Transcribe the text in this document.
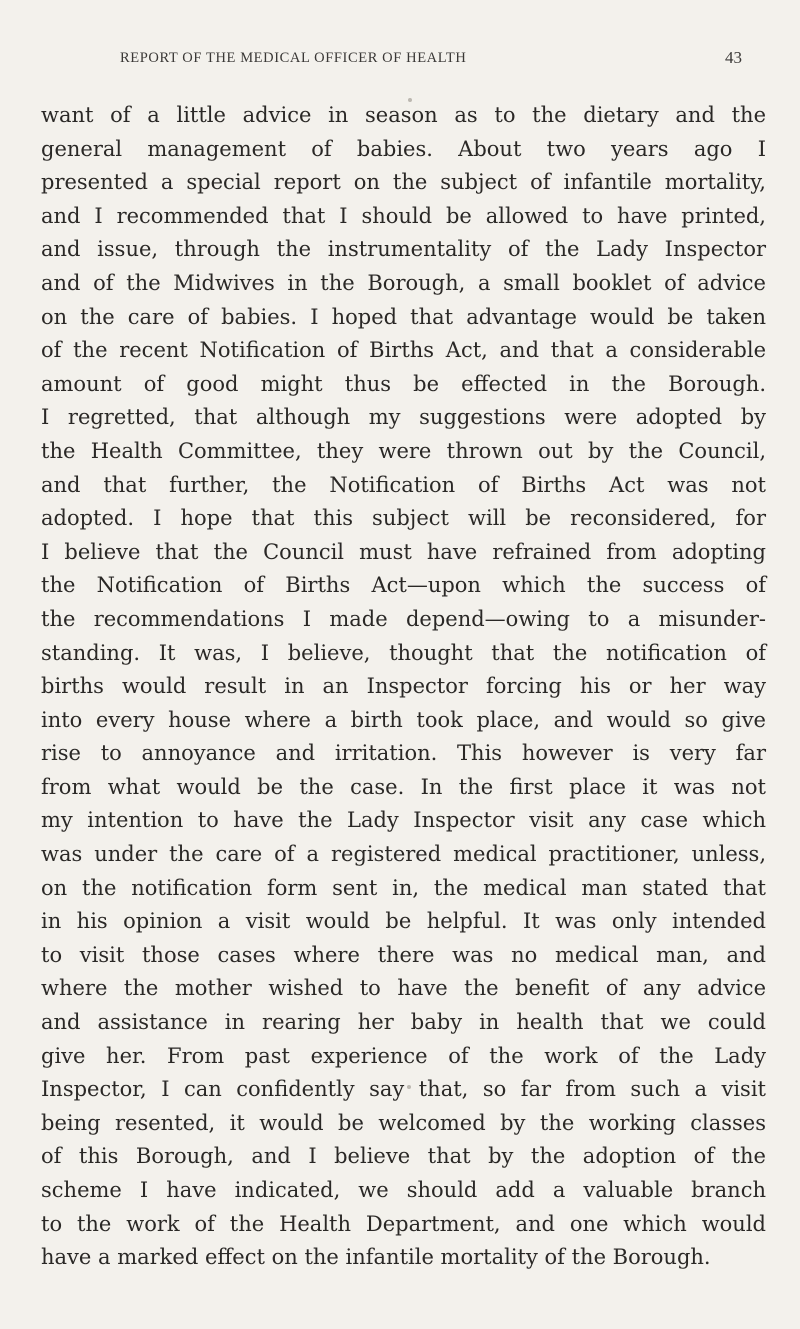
REPORT OF THE MEDICAL OFFICER OF HEALTH	43
want of a little advice in season as to the dietary and the
general management of babies. About two years ago I
presented a special report on the subject of infantile mortality,
and I recommended that I should be allowed to have printed,
and issue, through the instrumentality of the Lady Inspector
and of the Midwives in the Borough, a small booklet of advice
on the care of babies. I hoped that advantage would be taken
of the recent Notification of Births Act, and that a considerable
amount of good might thus be effected in the Borough.
I regretted, that although my suggestions were adopted by
the Health Committee, they were thrown out by the Council,
and that further, the Notification of Births Act was not
adopted. I hope that this subject will be reconsidered, for
I believe that the Council must have refrained from adopting
the Notification of Births Act—upon which the success of
the recommendations I made depend—owing to a misunder-
standing. It was, I believe, thought that the notification of
births would result in an Inspector forcing his or her way
into every house where a birth took place, and would so give
rise to annoyance and irritation. This however is very far
from what would be the case. In the first place it was not
my intention to have the Lady Inspector visit any case which
was under the care of a registered medical practitioner, unless,
on the notification form sent in, the medical man stated that
in his opinion a visit would be helpful. It was only intended
to visit those cases where there was no medical man, and
where the mother wished to have the benefit of any advice
and assistance in rearing her baby in health that we could
give her. From past experience of the work of the Lady
Inspector, I can confidently say that, so far from such a visit
being resented, it would be welcomed by the working classes
of this Borough, and I believe that by the adoption of the
scheme I have indicated, we should add a valuable branch
to the work of the Health Department, and one which would
have a marked effect on the infantile mortality of the Borough.
